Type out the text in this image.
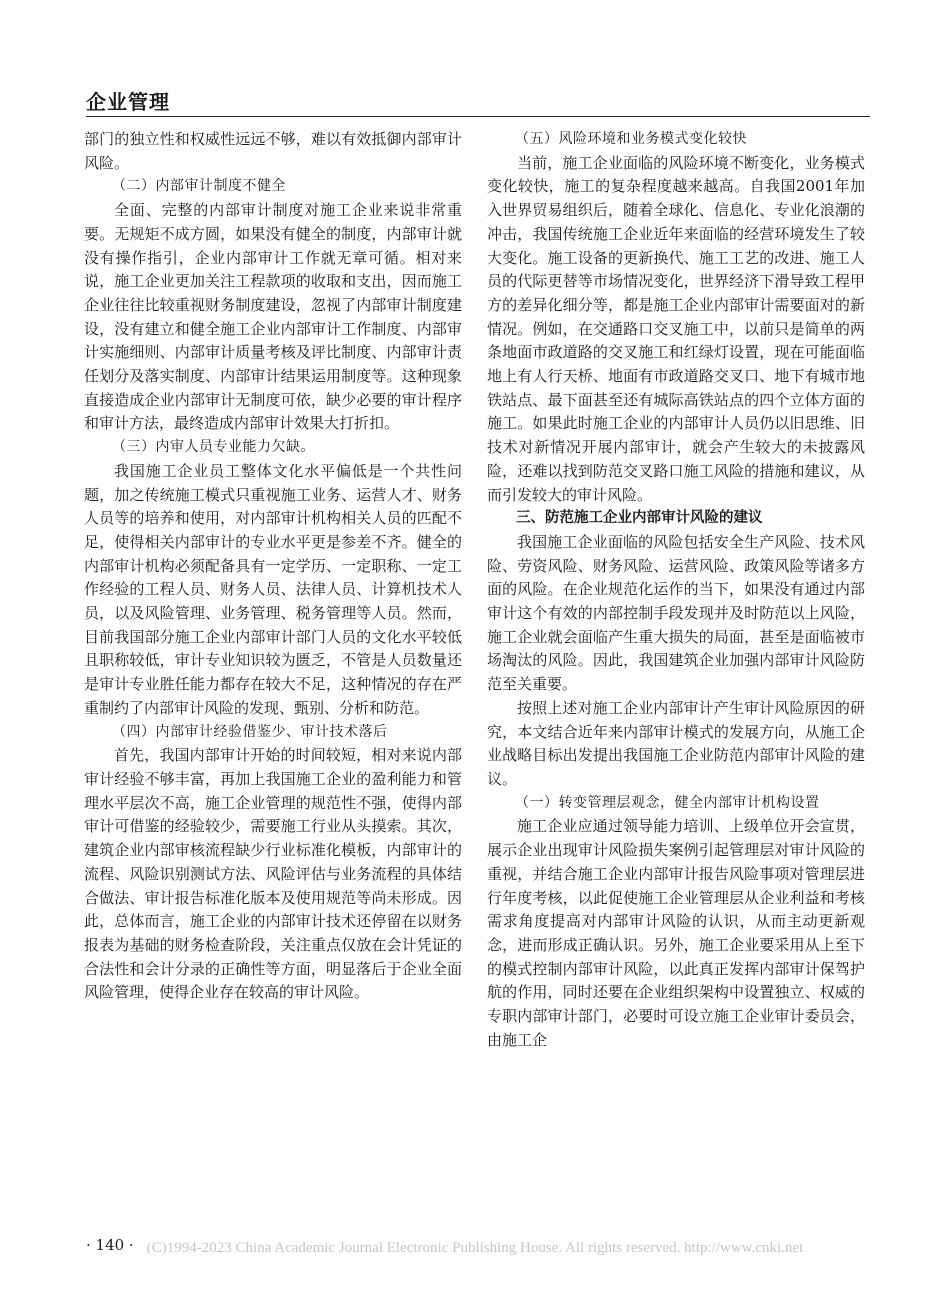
企业管理

部门的独立性和权威性远远不够，难以有效抵御内部审计风险。

（二）内部审计制度不健全

全面、完整的内部审计制度对施工企业来说非常重要。无规矩不成方圆，如果没有健全的制度，内部审计就没有操作指引，企业内部审计工作就无章可循。相对来说，施工企业更加关注工程款项的收取和支出，因而施工企业往往比较重视财务制度建设，忽视了内部审计制度建设，没有建立和健全施工企业内部审计工作制度、内部审计实施细则、内部审计质量考核及评比制度、内部审计责任划分及落实制度、内部审计结果运用制度等。这种现象直接造成企业内部审计无制度可依，缺少必要的审计程序和审计方法，最终造成内部审计效果大打折扣。

（三）内审人员专业能力欠缺。

我国施工企业员工整体文化水平偏低是一个共性问题，加之传统施工模式只重视施工业务、运营人才、财务人员等的培养和使用，对内部审计机构相关人员的匹配不足，使得相关内部审计的专业水平更是参差不齐。健全的内部审计机构必须配备具有一定学历、一定职称、一定工作经验的工程人员、财务人员、法律人员、计算机技术人员，以及风险管理、业务管理、税务管理等人员。然而，目前我国部分施工企业内部审计部门人员的文化水平较低且职称较低，审计专业知识较为匮乏，不管是人员数量还是审计专业胜任能力都存在较大不足，这种情况的存在严重制约了内部审计风险的发现、甄别、分析和防范。

（四）内部审计经验借鉴少、审计技术落后

首先，我国内部审计开始的时间较短，相对来说内部审计经验不够丰富，再加上我国施工企业的盈利能力和管理水平层次不高，施工企业管理的规范性不强，使得内部审计可借鉴的经验较少，需要施工行业从头摸索。其次，建筑企业内部审核流程缺少行业标准化模板，内部审计的流程、风险识别测试方法、风险评估与业务流程的具体结合做法、审计报告标准化版本及使用规范等尚未形成。因此，总体而言，施工企业的内部审计技术还停留在以财务报表为基础的财务检查阶段，关注重点仅放在会计凭证的合法性和会计分录的正确性等方面，明显落后于企业全面风险管理，使得企业存在较高的审计风险。

（五）风险环境和业务模式变化较快

当前，施工企业面临的风险环境不断变化，业务模式变化较快，施工的复杂程度越来越高。自我国2001年加入世界贸易组织后，随着全球化、信息化、专业化浪潮的冲击，我国传统施工企业近年来面临的经营环境发生了较大变化。施工设备的更新换代、施工工艺的改进、施工人员的代际更替等市场情况变化，世界经济下滑导致工程甲方的差异化细分等，都是施工企业内部审计需要面对的新情况。例如，在交通路口交叉施工中，以前只是简单的两条地面市政道路的交叉施工和红绿灯设置，现在可能面临地上有人行天桥、地面有市政道路交叉口、地下有城市地铁站点、最下面甚至还有城际高铁站点的四个立体方面的施工。如果此时施工企业的内部审计人员仍以旧思维、旧技术对新情况开展内部审计，就会产生较大的未披露风险，还难以找到防范交叉路口施工风险的措施和建议，从而引发较大的审计风险。

三、防范施工企业内部审计风险的建议

我国施工企业面临的风险包括安全生产风险、技术风险、劳资风险、财务风险、运营风险、政策风险等诸多方面的风险。在企业规范化运作的当下，如果没有通过内部审计这个有效的内部控制手段发现并及时防范以上风险，施工企业就会面临产生重大损失的局面，甚至是面临被市场淘汰的风险。因此，我国建筑企业加强内部审计风险防范至关重要。

按照上述对施工企业内部审计产生审计风险原因的研究，本文结合近年来内部审计模式的发展方向，从施工企业战略目标出发提出我国施工企业防范内部审计风险的建议。

（一）转变管理层观念，健全内部审计机构设置

施工企业应通过领导能力培训、上级单位开会宣贯，展示企业出现审计风险损失案例引起管理层对审计风险的重视，并结合施工企业内部审计报告风险事项对管理层进行年度考核，以此促使施工企业管理层从企业利益和考核需求角度提高对内部审计风险的认识，从而主动更新观念，进而形成正确认识。另外，施工企业要采用从上至下的模式控制内部审计风险，以此真正发挥内部审计保驾护航的作用，同时还要在企业组织架构中设置独立、权威的专职内部审计部门，必要时可设立施工企业审计委员会，由施工企

· 140 · (C)1994-2023 China Academic Journal Electronic Publishing House. All rights reserved. http://www.cnki.net
